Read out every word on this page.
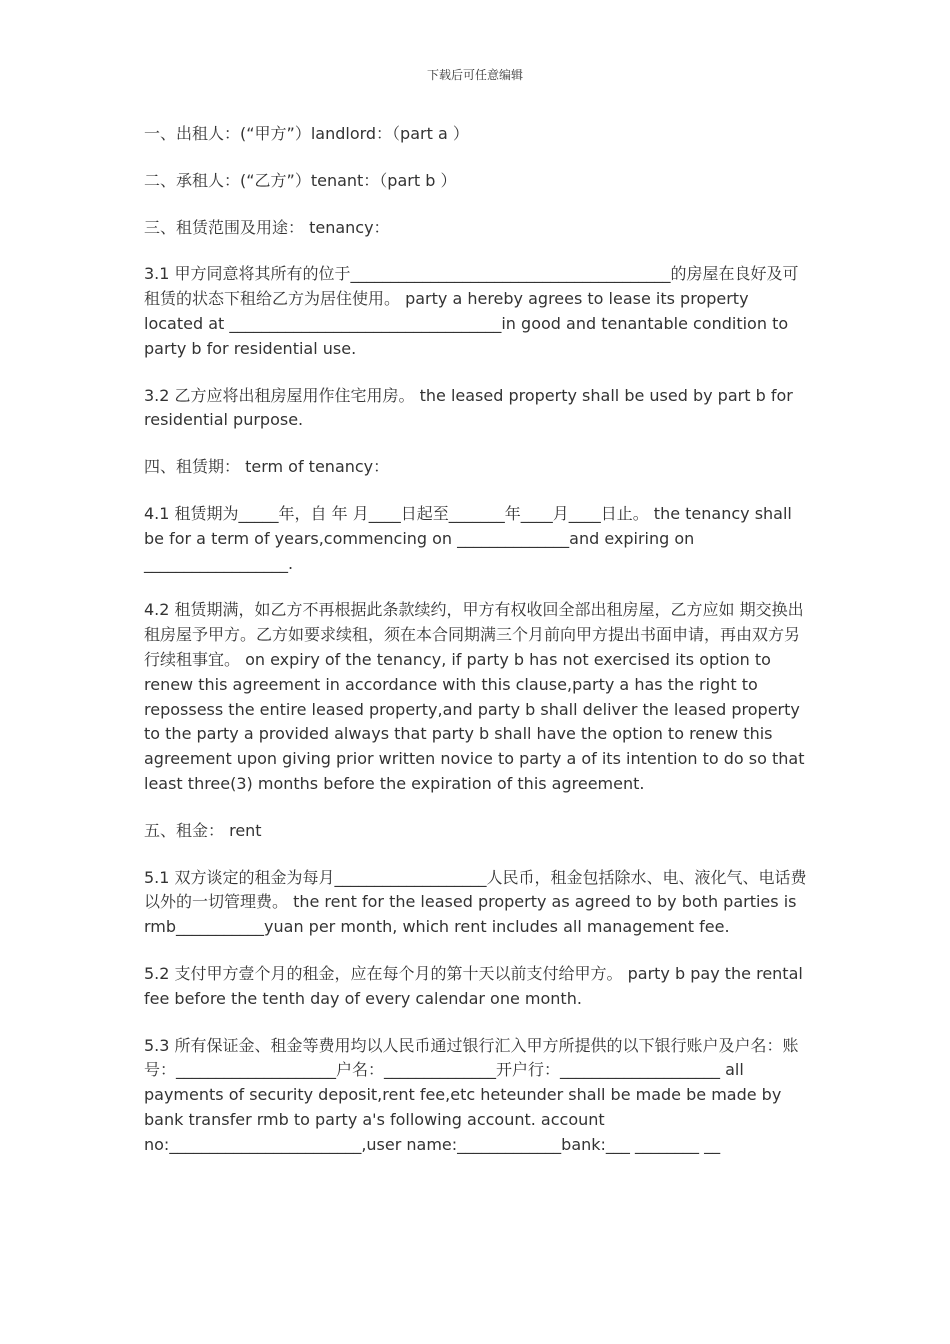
下载后可任意编辑

一、出租人：(“甲方”）landlord：（part a ）

二、承租人：(“乙方”）tenant：（part b ）

三、租赁范围及用途： tenancy：

3.1 甲方同意将其所有的位于________________________________________的房屋在良好及可租赁的状态下租给乙方为居住使用。 party a hereby agrees to lease its property located at __________________________________in good and tenantable condition to party b for residential use.

3.2 乙方应将出租房屋用作住宅用房。 the leased property shall be used by part b for residential purpose.

四、租赁期： term of tenancy：

4.1 租赁期为_____年，自 年 月____日起至_______年____月____日止。 the tenancy shall be for a term of years,commencing on ______________and expiring on __________________.

4.2 租赁期满，如乙方不再根据此条款续约，甲方有权收回全部出租房屋，乙方应如 期交换出租房屋予甲方。乙方如要求续租，须在本合同期满三个月前向甲方提出书面申请，再由双方另行续租事宜。 on expiry of the tenancy, if party b has not exercised its option to renew this agreement in accordance with this clause,party a has the right to repossess the entire leased property,and party b shall deliver the leased property to the party a provided always that party b shall have the option to renew this agreement upon giving prior written novice to party a of its intention to do so that least three(3) months before the expiration of this agreement.

五、租金： rent

5.1 双方谈定的租金为每月___________________人民币，租金包括除水、电、液化气、电话费以外的一切管理费。 the rent for the leased property as agreed to by both parties is rmb___________yuan per month, which rent includes all management fee.

5.2 支付甲方壹个月的租金，应在每个月的第十天以前支付给甲方。 party b pay the rental fee before the tenth day of every calendar one month.

5.3 所有保证金、租金等费用均以人民币通过银行汇入甲方所提供的以下银行账户及户名：账号：____________________户名：______________开户行：____________________ all payments of security deposit,rent fee,etc heteunder shall be made be made by bank transfer rmb to party a's following account. account no:________________________,user name:_____________bank:___ ________ __
